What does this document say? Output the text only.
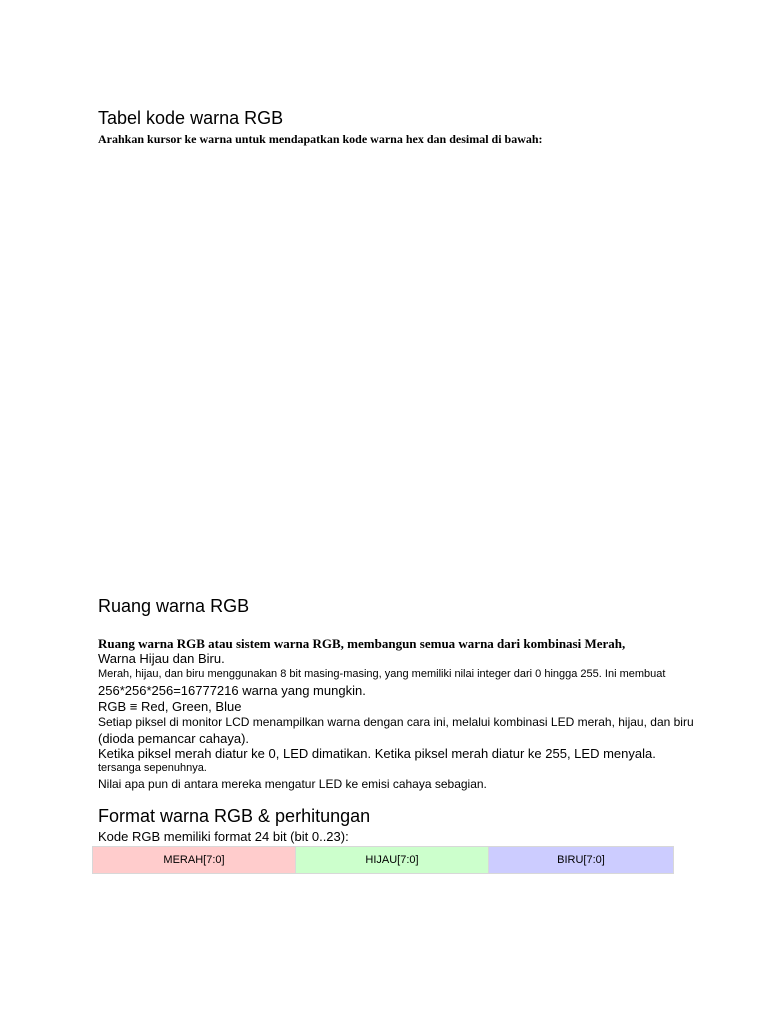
Tabel kode warna RGB

Arahkan kursor ke warna untuk mendapatkan kode warna hex dan desimal di bawah:

Ruang warna RGB

Ruang warna RGB atau sistem warna RGB, membangun semua warna dari kombinasi Merah,

Warna Hijau dan Biru.

Merah, hijau, dan biru menggunakan 8 bit masing-masing, yang memiliki nilai integer dari 0 hingga 255. Ini membuat

256*256*256=16777216 warna yang mungkin.

RGB ≡ Red, Green, Blue

Setiap piksel di monitor LCD menampilkan warna dengan cara ini, melalui kombinasi LED merah, hijau, dan biru

(dioda pemancar cahaya).

Ketika piksel merah diatur ke 0, LED dimatikan. Ketika piksel merah diatur ke 255, LED menyala.

tersanga sepenuhnya.

Nilai apa pun di antara mereka mengatur LED ke emisi cahaya sebagian.

Format warna RGB & perhitungan

Kode RGB memiliki format 24 bit (bit 0..23):

MERAH[7:0]	HIJAU[7:0]	BIRU[7:0]
